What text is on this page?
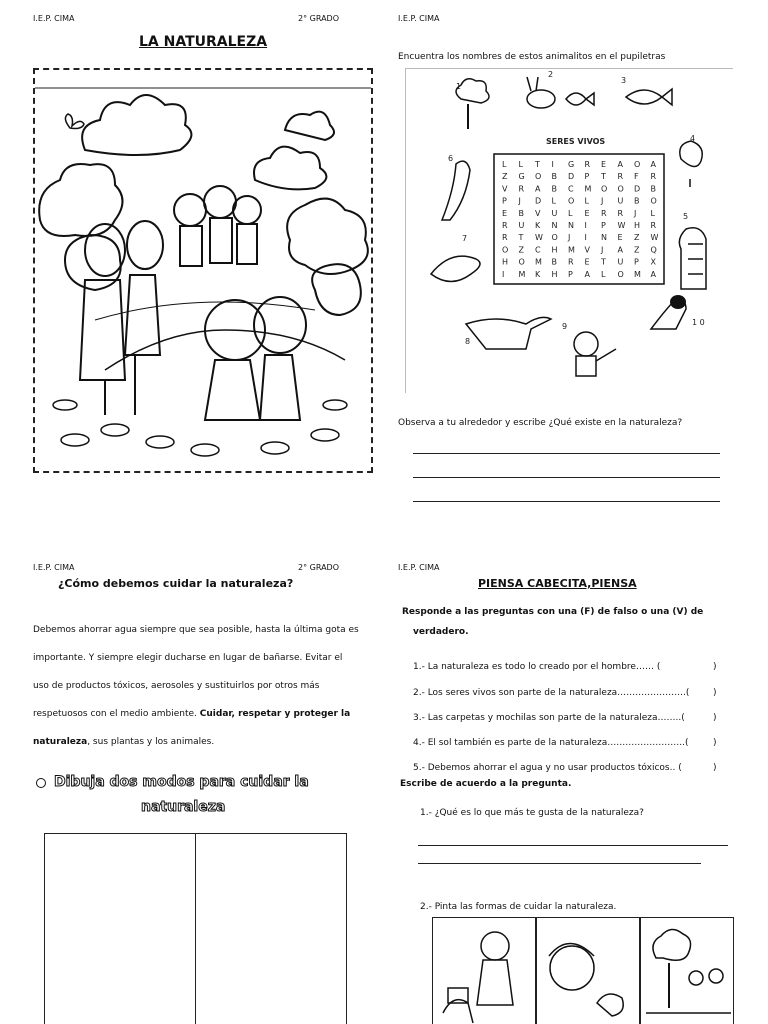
I.E.P. CIMA	2° GRADO
LA NATURALEZA
I.E.P. CIMA
Encuentra los nombres de estos animalitos en el pupiletras
SERES VIVOS
L L T I G R E A O A
Z G O B D P T R F R
V R A B C M O O D B
P J D L O L J U B O
E B V U L E R R J L
R U K N N I P W H R
R T W O J I N E Z W
O Z C H M V J A Z Q
H O M B R E T U P X
I M K H P A L O M A
1
2
3
4
5
6
7
8
9	1 0
Observa a tu alrededor y escribe ¿Qué existe en la naturaleza?
I.E.P. CIMA	2° GRADO
¿Cómo debemos cuidar la naturaleza?
Debemos ahorrar agua siempre que sea posible, hasta la última gota es
importante. Y siempre elegir ducharse en lugar de bañarse. Evitar el
uso de productos tóxicos, aerosoles y sustituirlos por otros más
respetuosos con el medio ambiente. Cuidar, respetar y proteger la
naturaleza, sus plantas y los animales.
Dibuja dos modos para cuidar la
naturaleza
I.E.P. CIMA
PIENSA CABECITA,PIENSA
Responde a las preguntas con una (F) de falso o una (V) de
verdadero.
1.- La naturaleza es todo lo creado por el hombre…… (	)
2.- Los seres vivos son parte de la naturaleza…………………..(	)
3.- Las carpetas y mochilas son parte de la naturaleza……..(	)
4.- El sol también es parte de la naturaleza……………………..(	)
5.- Debemos ahorrar el agua y no usar productos tóxicos.. (	)
Escribe de acuerdo a la pregunta.
1.- ¿Qué es lo que más te gusta de la naturaleza?
2.- Pinta las formas de cuidar la naturaleza.
